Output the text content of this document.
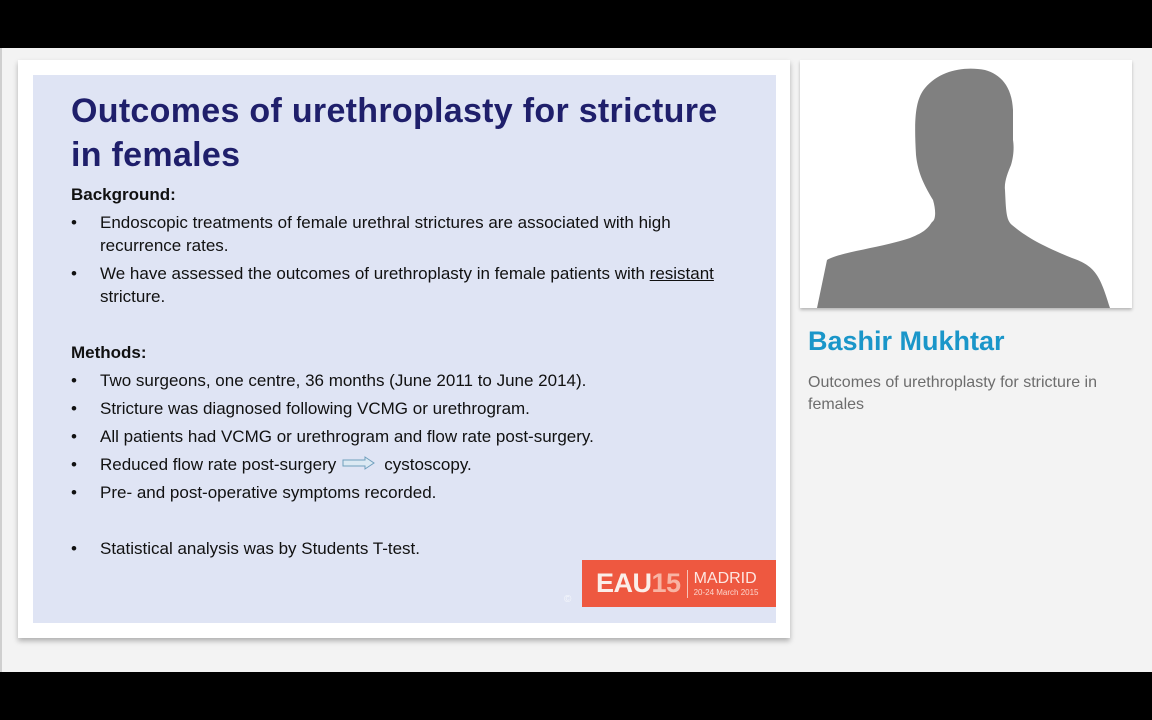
Outcomes of urethroplasty for stricture in females
Background:
•	Endoscopic treatments of female urethral strictures are associated with high recurrence rates.
•	We have assessed the outcomes of urethroplasty in female patients with resistant stricture.
Methods:
•	Two surgeons, one centre, 36 months (June 2011 to June 2014).
•	Stricture was diagnosed following VCMG or urethrogram.
•	All patients had VCMG or urethrogram and flow rate post-surgery.
•	Reduced flow rate post-surgery	cystoscopy.
•	Pre- and post-operative symptoms recorded.
•	Statistical analysis was by Students T-test.
©
EAU15 MADRID
20-24 March 2015
Bashir Mukhtar
Outcomes of urethroplasty for stricture in females
